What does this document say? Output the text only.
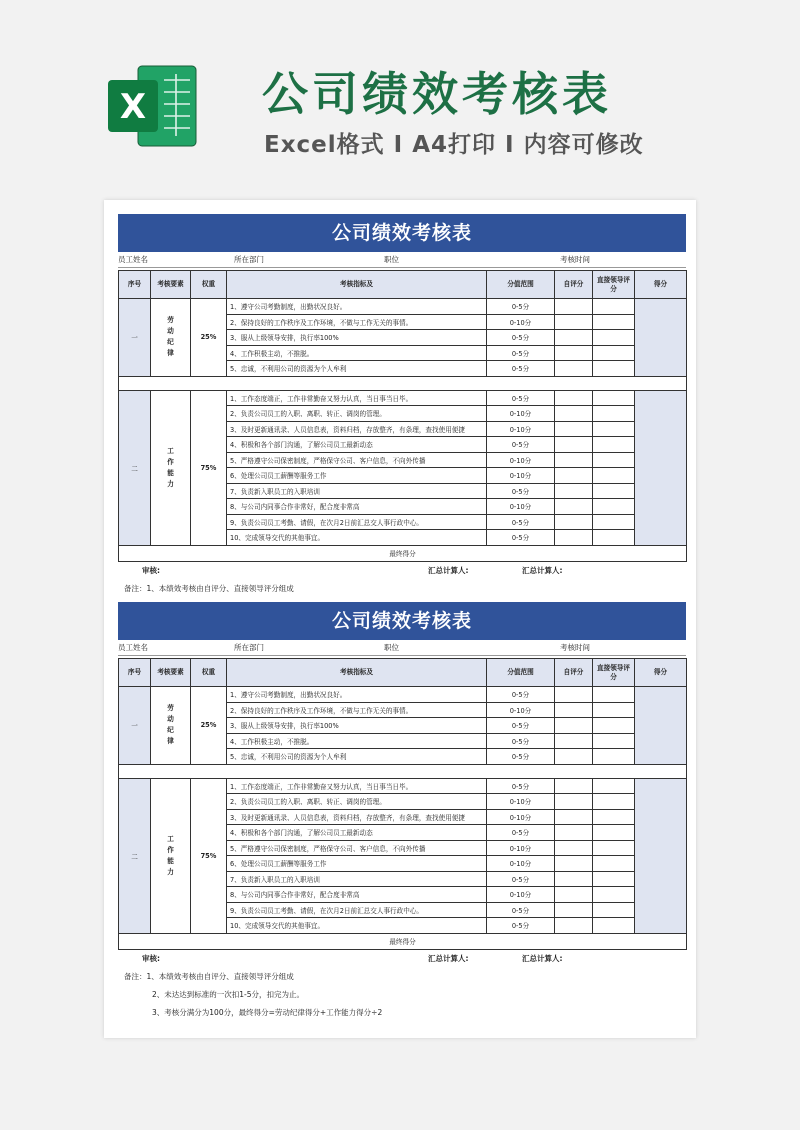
X	公司绩效考核表
Excel格式 I A4打印 I 内容可修改
公司绩效考核表
员工姓名	所在部门	职位	考核时间
序号	考核要素	权重	考核指标及	分值范围	自评分	直接领导评分	得分
一	劳动纪律	25%	1、遵守公司考勤制度，出勤状况良好。	0-5分			
			2、保持良好的工作秩序及工作环境，不做与工作无关的事情。	0-10分			
			3、服从上级领导安排，执行率100%	0-5分			
			4、工作积极主动，不推脱。	0-5分			
			5、忠诚，不利用公司的资源为个人牟利	0-5分			

二	工作能力	75%	1、工作态度端正，工作非常勤奋又努力认真，当日事当日毕。	0-5分			
			2、负责公司员工的入职、离职、转正、调岗的管理。	0-10分			
			3、及时更新通讯录、人员信息表，资料归档，存放整齐，有条理，查找使用便捷	0-10分			
			4、积极和各个部门沟通，了解公司员工最新动态	0-5分			
			5、严格遵守公司保密制度，严格保守公司、客户信息，不向外传播	0-10分			
			6、处理公司员工薪酬等服务工作	0-10分			
			7、负责新入职员工的入职培训	0-5分			
			8、与公司内同事合作非常好，配合度非常高	0-10分			
			9、负责公司员工考勤、请假，在次月2日前汇总交人事行政中心。	0-5分			
			10、完成领导交代的其他事宜。	0-5分			
最终得分							
审核:	汇总计算人:	汇总计算人:
备注：1、本绩效考核由自评分、直接领导评分组成
公司绩效考核表
员工姓名	所在部门	职位	考核时间
序号	考核要素	权重	考核指标及	分值范围	自评分	直接领导评分	得分
一	劳动纪律	25%	1、遵守公司考勤制度，出勤状况良好。	0-5分			
			2、保持良好的工作秩序及工作环境，不做与工作无关的事情。	0-10分			
			3、服从上级领导安排，执行率100%	0-5分			
			4、工作积极主动，不推脱。	0-5分			
			5、忠诚，不利用公司的资源为个人牟利	0-5分			

二	工作能力	75%	1、工作态度端正，工作非常勤奋又努力认真，当日事当日毕。	0-5分			
			2、负责公司员工的入职、离职、转正、调岗的管理。	0-10分			
			3、及时更新通讯录、人员信息表，资料归档，存放整齐，有条理，查找使用便捷	0-10分			
			4、积极和各个部门沟通，了解公司员工最新动态	0-5分			
			5、严格遵守公司保密制度，严格保守公司、客户信息，不向外传播	0-10分			
			6、处理公司员工薪酬等服务工作	0-10分			
			7、负责新入职员工的入职培训	0-5分			
			8、与公司内同事合作非常好，配合度非常高	0-10分			
			9、负责公司员工考勤、请假，在次月2日前汇总交人事行政中心。	0-5分			
			10、完成领导交代的其他事宜。	0-5分			
最终得分							
审核:	汇总计算人:	汇总计算人:
备注：1、本绩效考核由自评分、直接领导评分组成
2、未达达到标准的一次扣1-5分，扣完为止。
3、考核分满分为100分，最终得分=劳动纪律得分+工作能力得分÷2
